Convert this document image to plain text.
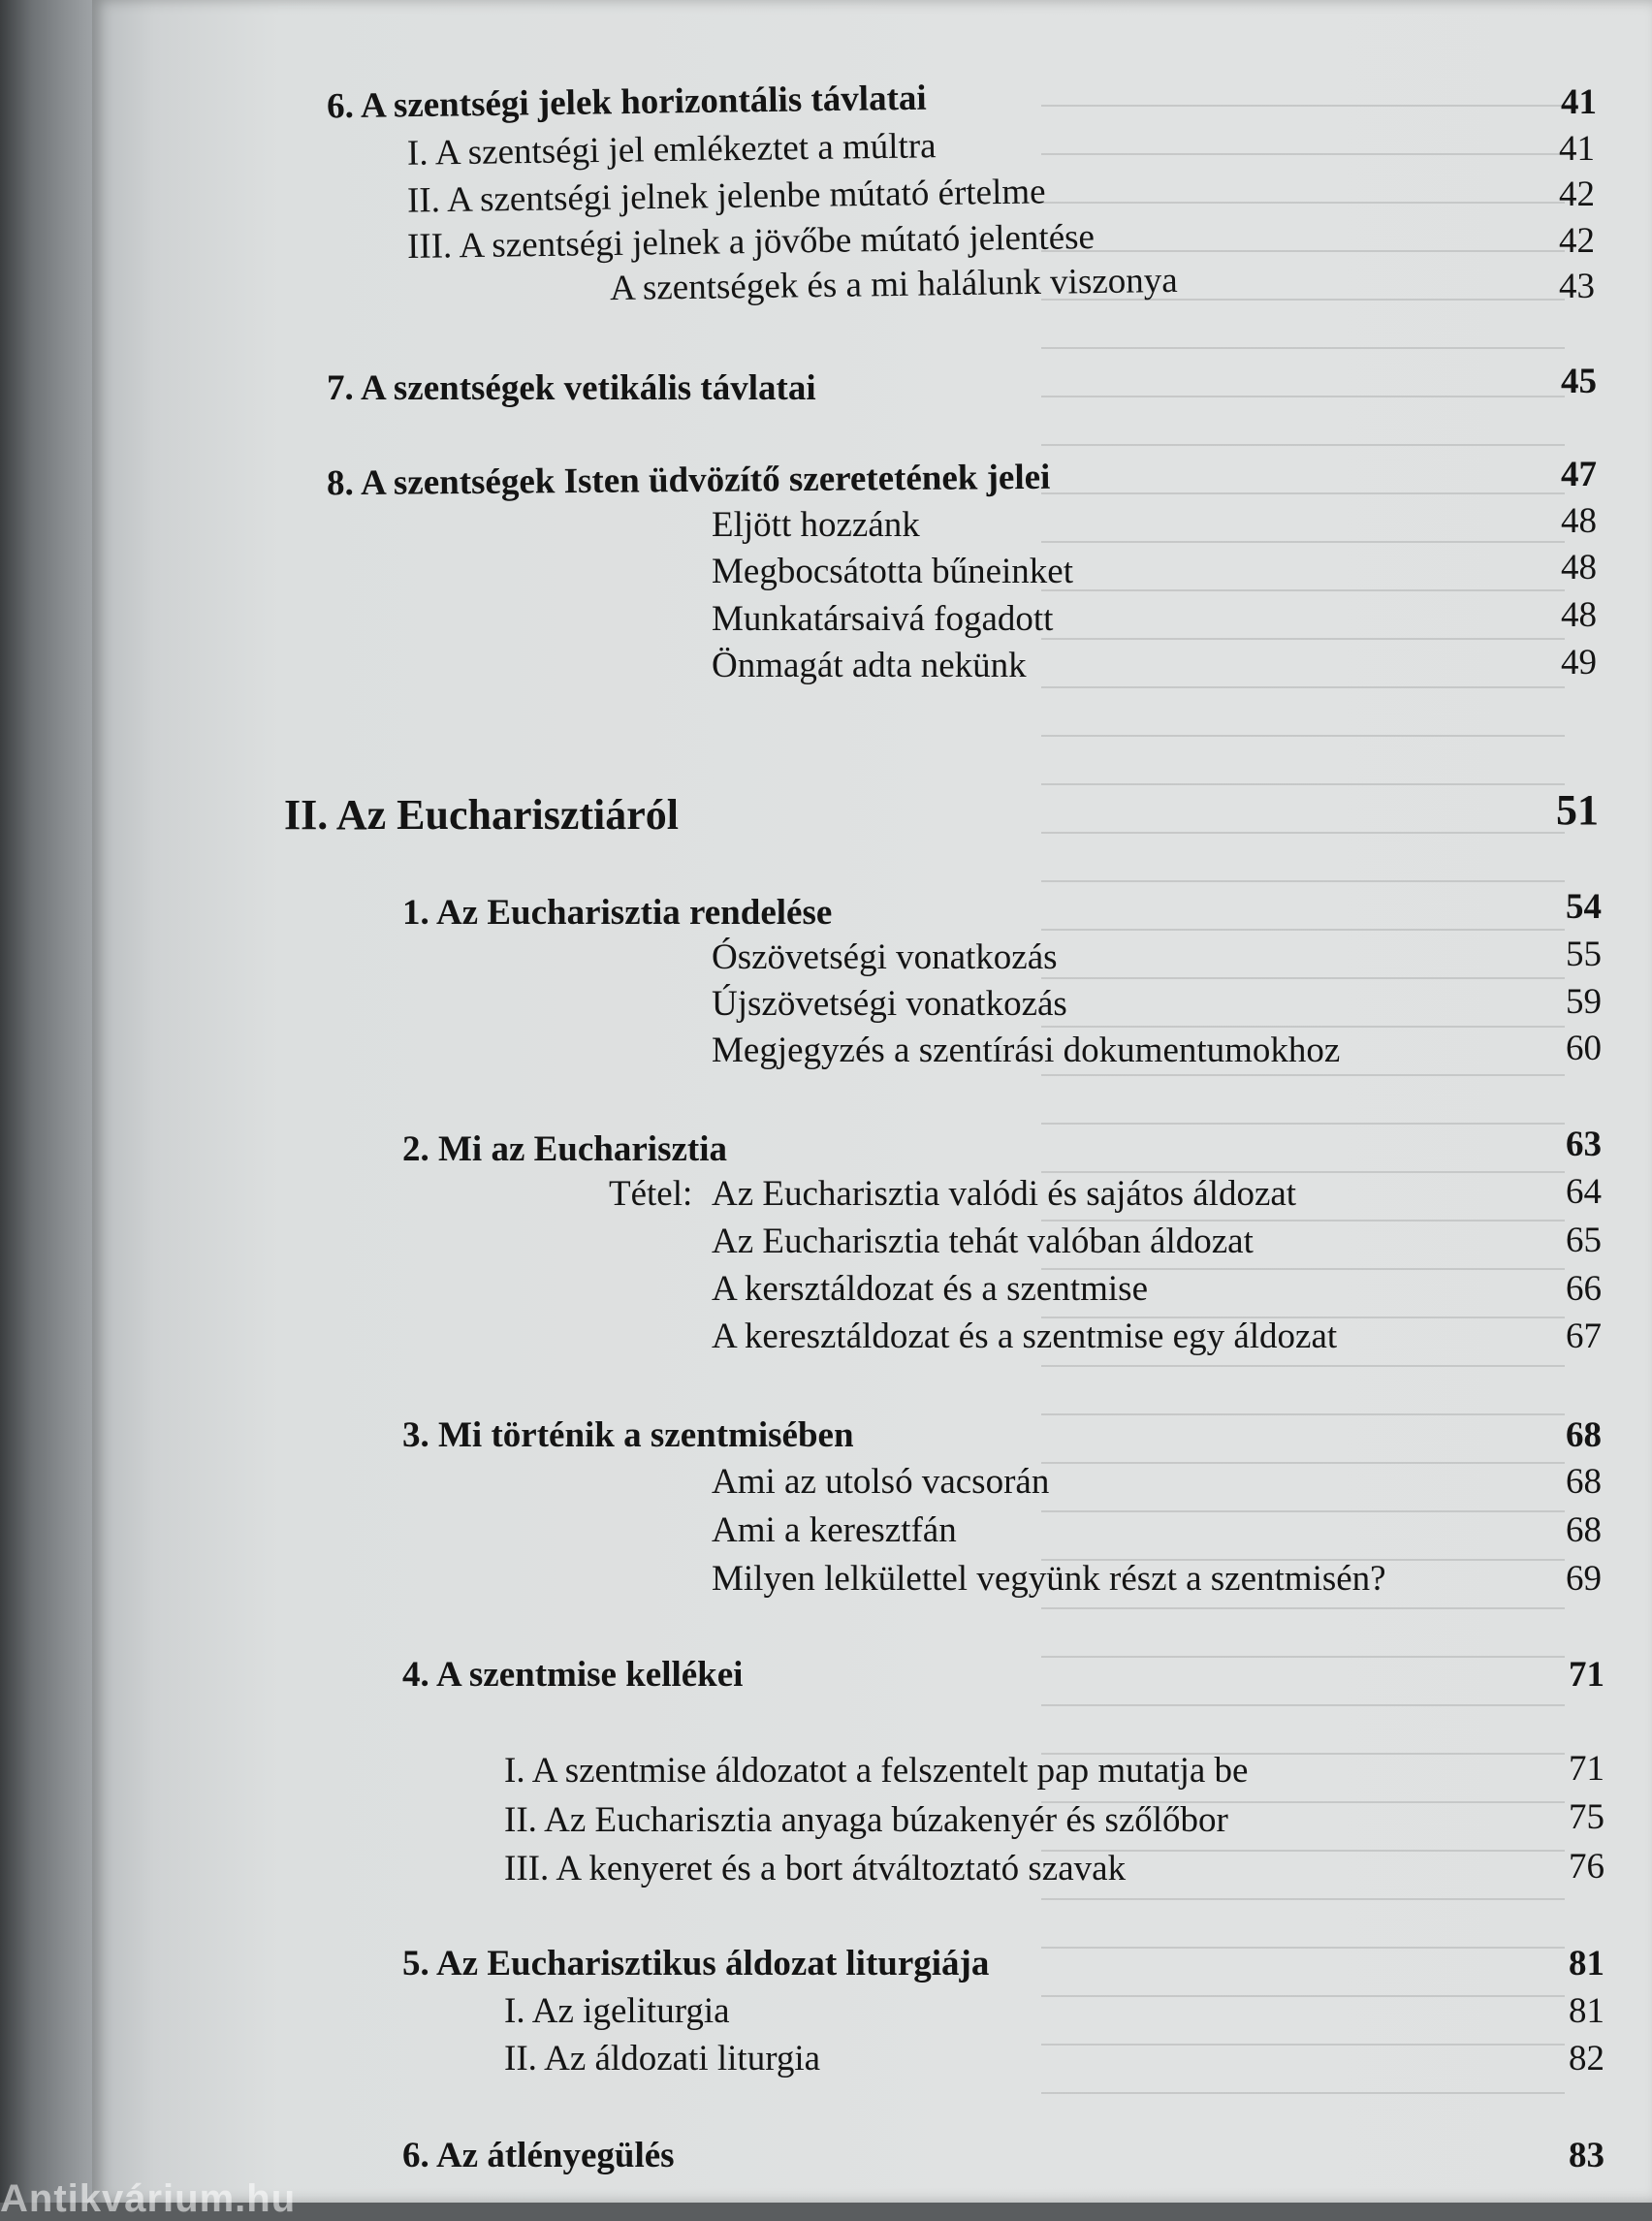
6. A szentségi jelek horizontális távlatai	41
I. A szentségi jel emlékeztet a múltra	41
II. A szentségi jelnek jelenbe mútató értelme	42
III. A szentségi jelnek a jövőbe mútató jelentése	42
A szentségek és a mi halálunk viszonya	43
7. A szentségek vetikális távlatai	45
8. A szentségek Isten üdvözítő szeretetének jelei	47
Eljött hozzánk	48
Megbocsátotta bűneinket	48
Munkatársaivá fogadott	48
Önmagát adta nekünk	49
II. Az Eucharisztiáról	51
1. Az Eucharisztia rendelése	54
Ószövetségi vonatkozás	55
Újszövetségi vonatkozás	59
Megjegyzés a szentírási dokumentumokhoz	60
2. Mi az Eucharisztia	63
Tétel: Az Eucharisztia valódi és sajátos áldozat	64
Az Eucharisztia tehát valóban áldozat	65
A kersztáldozat és a szentmise	66
A keresztáldozat és a szentmise egy áldozat	67
3. Mi történik a szentmisében	68
Ami az utolsó vacsorán	68
Ami a keresztfán	68
Milyen lelkülettel vegyünk részt a szentmisén?	69
4. A szentmise kellékei	71
I. A szentmise áldozatot a felszentelt pap mutatja be	71
II. Az Eucharisztia anyaga búzakenyér és szőlőbor	75
III. A kenyeret és a bort átváltoztató szavak	76
5. Az Eucharisztikus áldozat liturgiája	81
I. Az igeliturgia	81
II. Az áldozati liturgia	82
6. Az átlényegülés	83
Antikvárium.hu
